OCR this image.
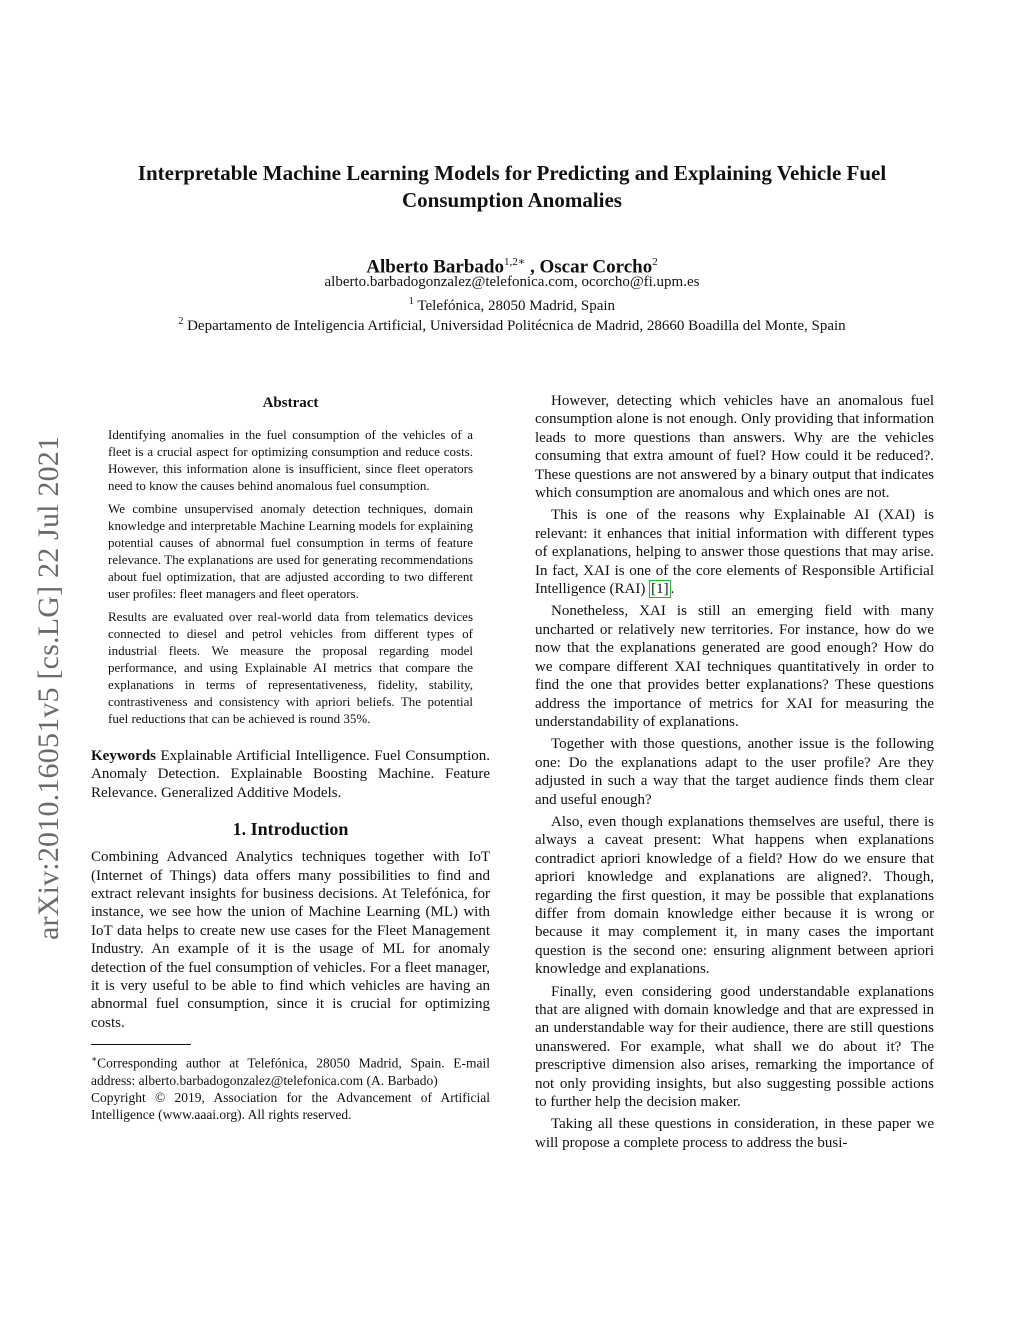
arXiv:2010.16051v5 [cs.LG] 22 Jul 2021
Interpretable Machine Learning Models for Predicting and Explaining Vehicle Fuel Consumption Anomalies
Alberto Barbado$^{1,2∗}$ , Oscar Corcho$^2$
alberto.barbadogonzalez@telefonica.com, ocorcho@fi.upm.es
$^1$ Telefónica, 28050 Madrid, Spain
$^2$ Departamento de Inteligencia Artificial, Universidad Politécnica de Madrid, 28660 Boadilla del Monte, Spain
Abstract

Identifying anomalies in the fuel consumption of the vehicles of a fleet is a crucial aspect for optimizing consumption and reduce costs. However, this information alone is insufficient, since fleet operators need to know the causes behind anomalous fuel consumption.

We combine unsupervised anomaly detection techniques, domain knowledge and interpretable Machine Learning models for explaining potential causes of abnormal fuel consumption in terms of feature relevance. The explanations are used for generating recommendations about fuel optimization, that are adjusted according to two different user profiles: fleet managers and fleet operators.

Results are evaluated over real-world data from telematics devices connected to diesel and petrol vehicles from different types of industrial fleets. We measure the proposal regarding model performance, and using Explainable AI metrics that compare the explanations in terms of representativeness, fidelity, stability, contrastiveness and consistency with apriori beliefs. The potential fuel reductions that can be achieved is round 35%.

Keywords Explainable Artificial Intelligence. Fuel Consumption. Anomaly Detection. Explainable Boosting Machine. Feature Relevance. Generalized Additive Models.

1. Introduction

Combining Advanced Analytics techniques together with IoT (Internet of Things) data offers many possibilities to find and extract relevant insights for business decisions. At Telefónica, for instance, we see how the union of Machine Learning (ML) with IoT data helps to create new use cases for the Fleet Management Industry. An example of it is the usage of ML for anomaly detection of the fuel consumption of vehicles. For a fleet manager, it is very useful to be able to find which vehicles are having an abnormal fuel consumption, since it is crucial for optimizing costs.

∗Corresponding author at Telefónica, 28050 Madrid, Spain. E-mail address: alberto.barbadogonzalez@telefonica.com (A. Barbado)

Copyright © 2019, Association for the Advancement of Artificial Intelligence (www.aaai.org). All rights reserved.

However, detecting which vehicles have an anomalous fuel consumption alone is not enough. Only providing that information leads to more questions than answers. Why are the vehicles consuming that extra amount of fuel? How could it be reduced?. These questions are not answered by a binary output that indicates which consumption are anomalous and which ones are not.

This is one of the reasons why Explainable AI (XAI) is relevant: it enhances that initial information with different types of explanations, helping to answer those questions that may arise. In fact, XAI is one of the core elements of Responsible Artificial Intelligence (RAI) [1] .

Nonetheless, XAI is still an emerging field with many uncharted or relatively new territories. For instance, how do we now that the explanations generated are good enough? How do we compare different XAI techniques quantitatively in order to find the one that provides better explanations? These questions address the importance of metrics for XAI for measuring the understandability of explanations.

Together with those questions, another issue is the following one: Do the explanations adapt to the user profile? Are they adjusted in such a way that the target audience finds them clear and useful enough?

Also, even though explanations themselves are useful, there is always a caveat present: What happens when explanations contradict apriori knowledge of a field? How do we ensure that apriori knowledge and explanations are aligned?. Though, regarding the first question, it may be possible that explanations differ from domain knowledge either because it is wrong or because it may complement it, in many cases the important question is the second one: ensuring alignment between apriori knowledge and explanations.

Finally, even considering good understandable explanations that are aligned with domain knowledge and that are expressed in an understandable way for their audience, there are still questions unanswered. For example, what shall we do about it? The prescriptive dimension also arises, remarking the importance of not only providing insights, but also suggesting possible actions to further help the decision maker.

Taking all these questions in consideration, in these paper we will propose a complete process to address the busi-
